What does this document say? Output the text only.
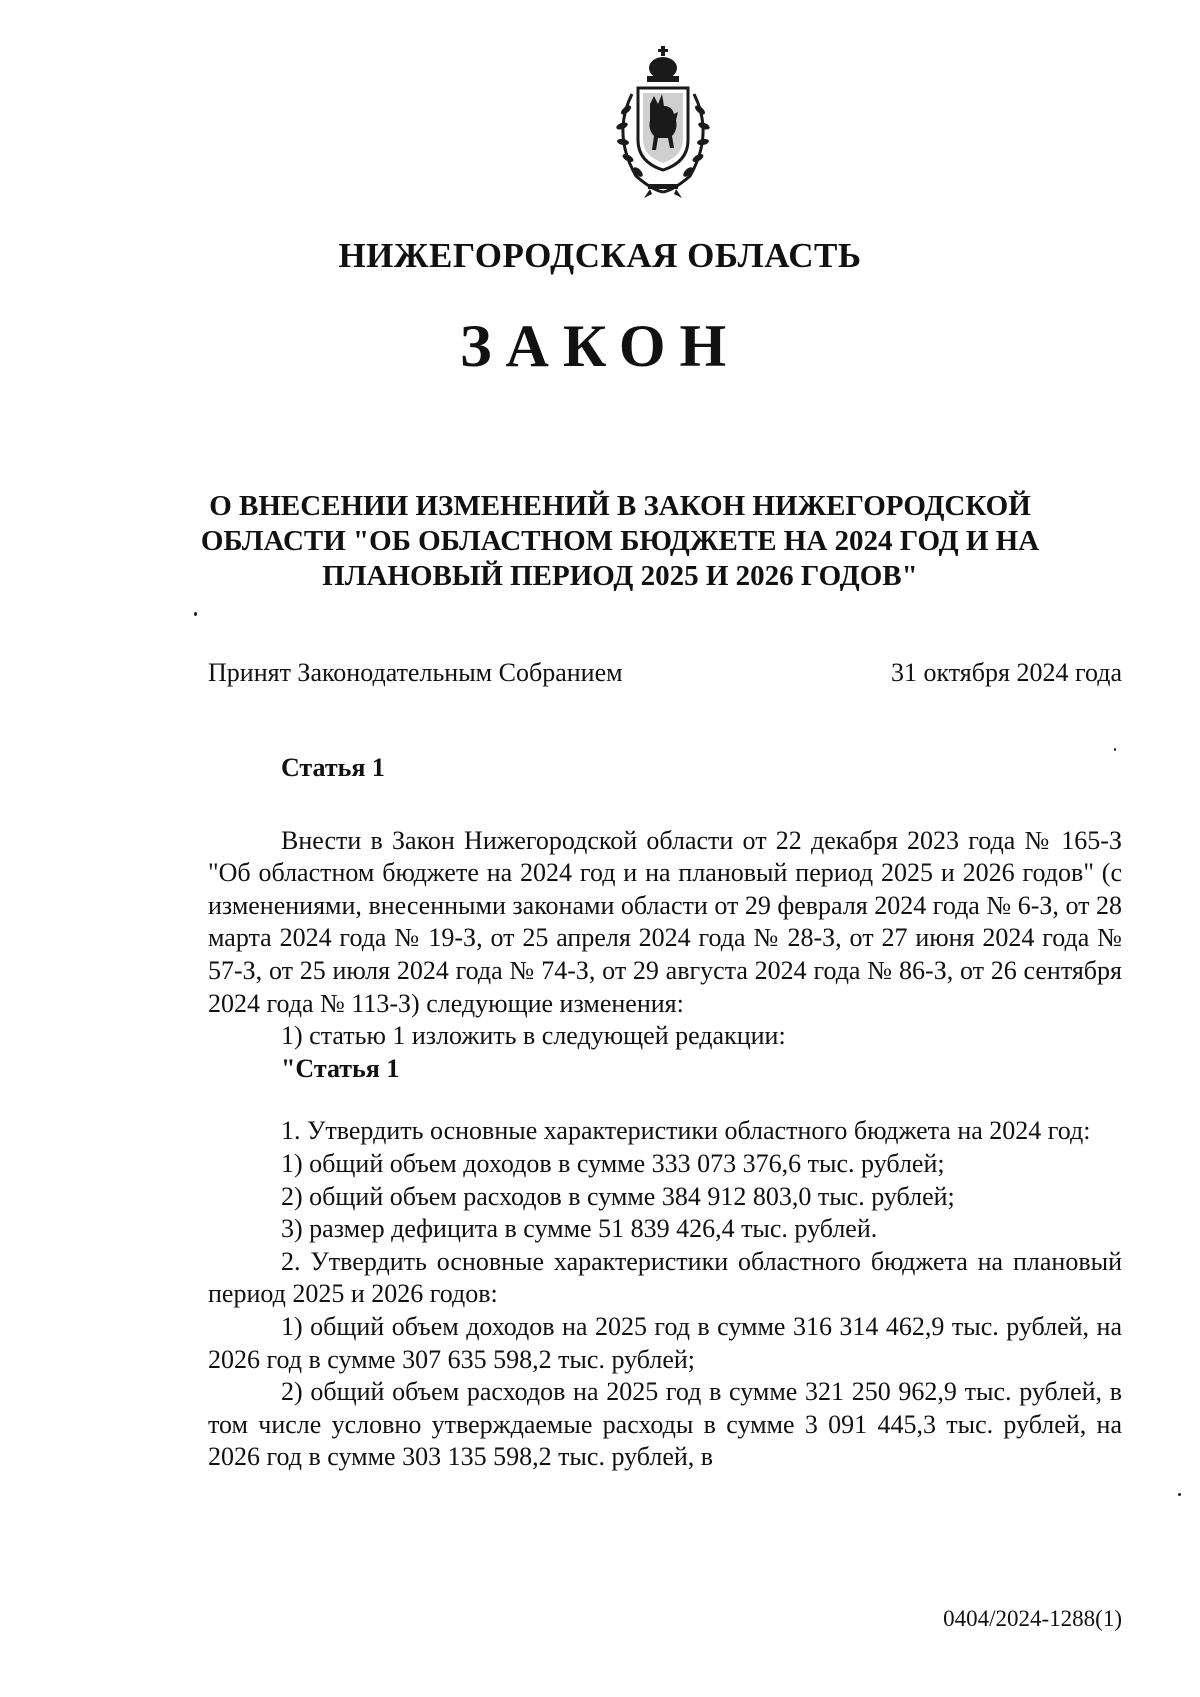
НИЖЕГОРОДСКАЯ ОБЛАСТЬ
ЗАКОН
О ВНЕСЕНИИ ИЗМЕНЕНИЙ В ЗАКОН НИЖЕГОРОДСКОЙ
ОБЛАСТИ "ОБ ОБЛАСТНОМ БЮДЖЕТЕ НА 2024 ГОД И НА
ПЛАНОВЫЙ ПЕРИОД 2025 И 2026 ГОДОВ"
Принят Законодательным Собранием	31 октября 2024 года

Статья 1

Внести в Закон Нижегородской области от 22 декабря 2023 года № 165-З "Об областном бюджете на 2024 год и на плановый период 2025 и 2026 годов" (с изменениями, внесенными законами области от 29 февраля 2024 года № 6-З, от 28 марта 2024 года № 19-З, от 25 апреля 2024 года № 28-З, от 27 июня 2024 года № 57-З, от 25 июля 2024 года № 74-З, от 29 августа 2024 года № 86-З, от 26 сентября 2024 года № 113-З) следующие изменения:

1) статью 1 изложить в следующей редакции:

"Статья 1

1. Утвердить основные характеристики областного бюджета на 2024 год:

1) общий объем доходов в сумме 333 073 376,6 тыс. рублей;

2) общий объем расходов в сумме 384 912 803,0 тыс. рублей;

3) размер дефицита в сумме 51 839 426,4 тыс. рублей.

2. Утвердить основные характеристики областного бюджета на плановый период 2025 и 2026 годов:

1) общий объем доходов на 2025 год в сумме 316 314 462,9 тыс. рублей, на 2026 год в сумме 307 635 598,2 тыс. рублей;

2) общий объем расходов на 2025 год в сумме 321 250 962,9 тыс. рублей, в том числе условно утверждаемые расходы в сумме 3 091 445,3 тыс. рублей, на 2026 год в сумме 303 135 598,2 тыс. рублей, в

0404/2024-1288(1)
